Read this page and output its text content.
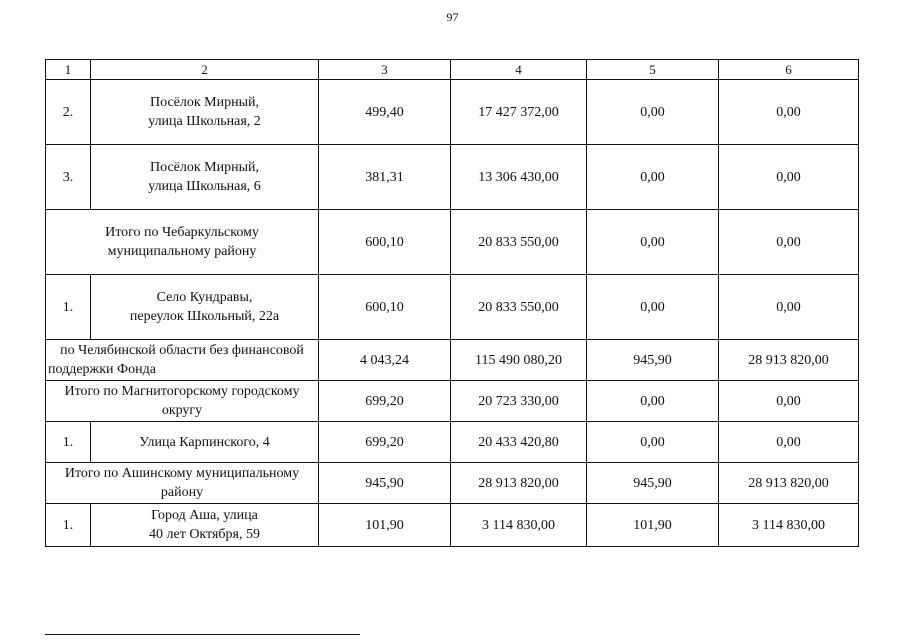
97
1	2	3	4	5	6
2.	Посёлок Мирный,
улица Школьная, 2	499,40	17 427 372,00	0,00	0,00
3.	Посёлок Мирный,
улица Школьная, 6	381,31	13 306 430,00	0,00	0,00

Итого по Чебаркульскому
муниципальному району		600,10	20 833 550,00	0,00	0,00
1.	Село Кундравы,
переулок Школьный, 22а	600,10	20 833 550,00	0,00	0,00

по Челябинской области без финансовой
поддержки Фонда		4 043,24	115 490 080,20	945,90	28 913 820,00

Итого по Магнитогорскому городскому
округу		699,20	20 723 330,00	0,00	0,00
1.	Улица Карпинского, 4	699,20	20 433 420,80	0,00	0,00

Итого по Ашинскому муниципальному
району		945,90	28 913 820,00	945,90	28 913 820,00
1.	Город Аша, улица
40 лет Октября, 59	101,90	3 114 830,00	101,90	3 114 830,00
